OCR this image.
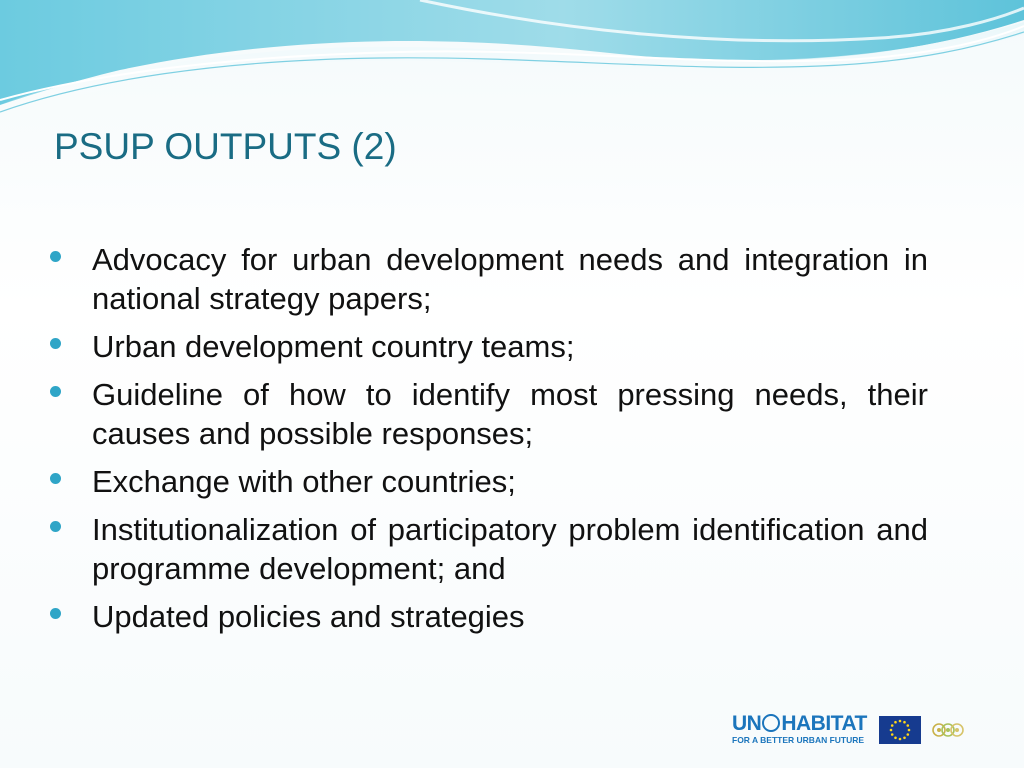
PSUP OUTPUTS (2)
Advocacy for urban development needs and integration in national strategy papers;
Urban development country teams;
Guideline of how to identify most pressing needs, their causes and possible responses;
Exchange with other countries;
Institutionalization of participatory problem identification and programme development; and
Updated policies and strategies
UN HABITAT
FOR A BETTER URBAN FUTURE
